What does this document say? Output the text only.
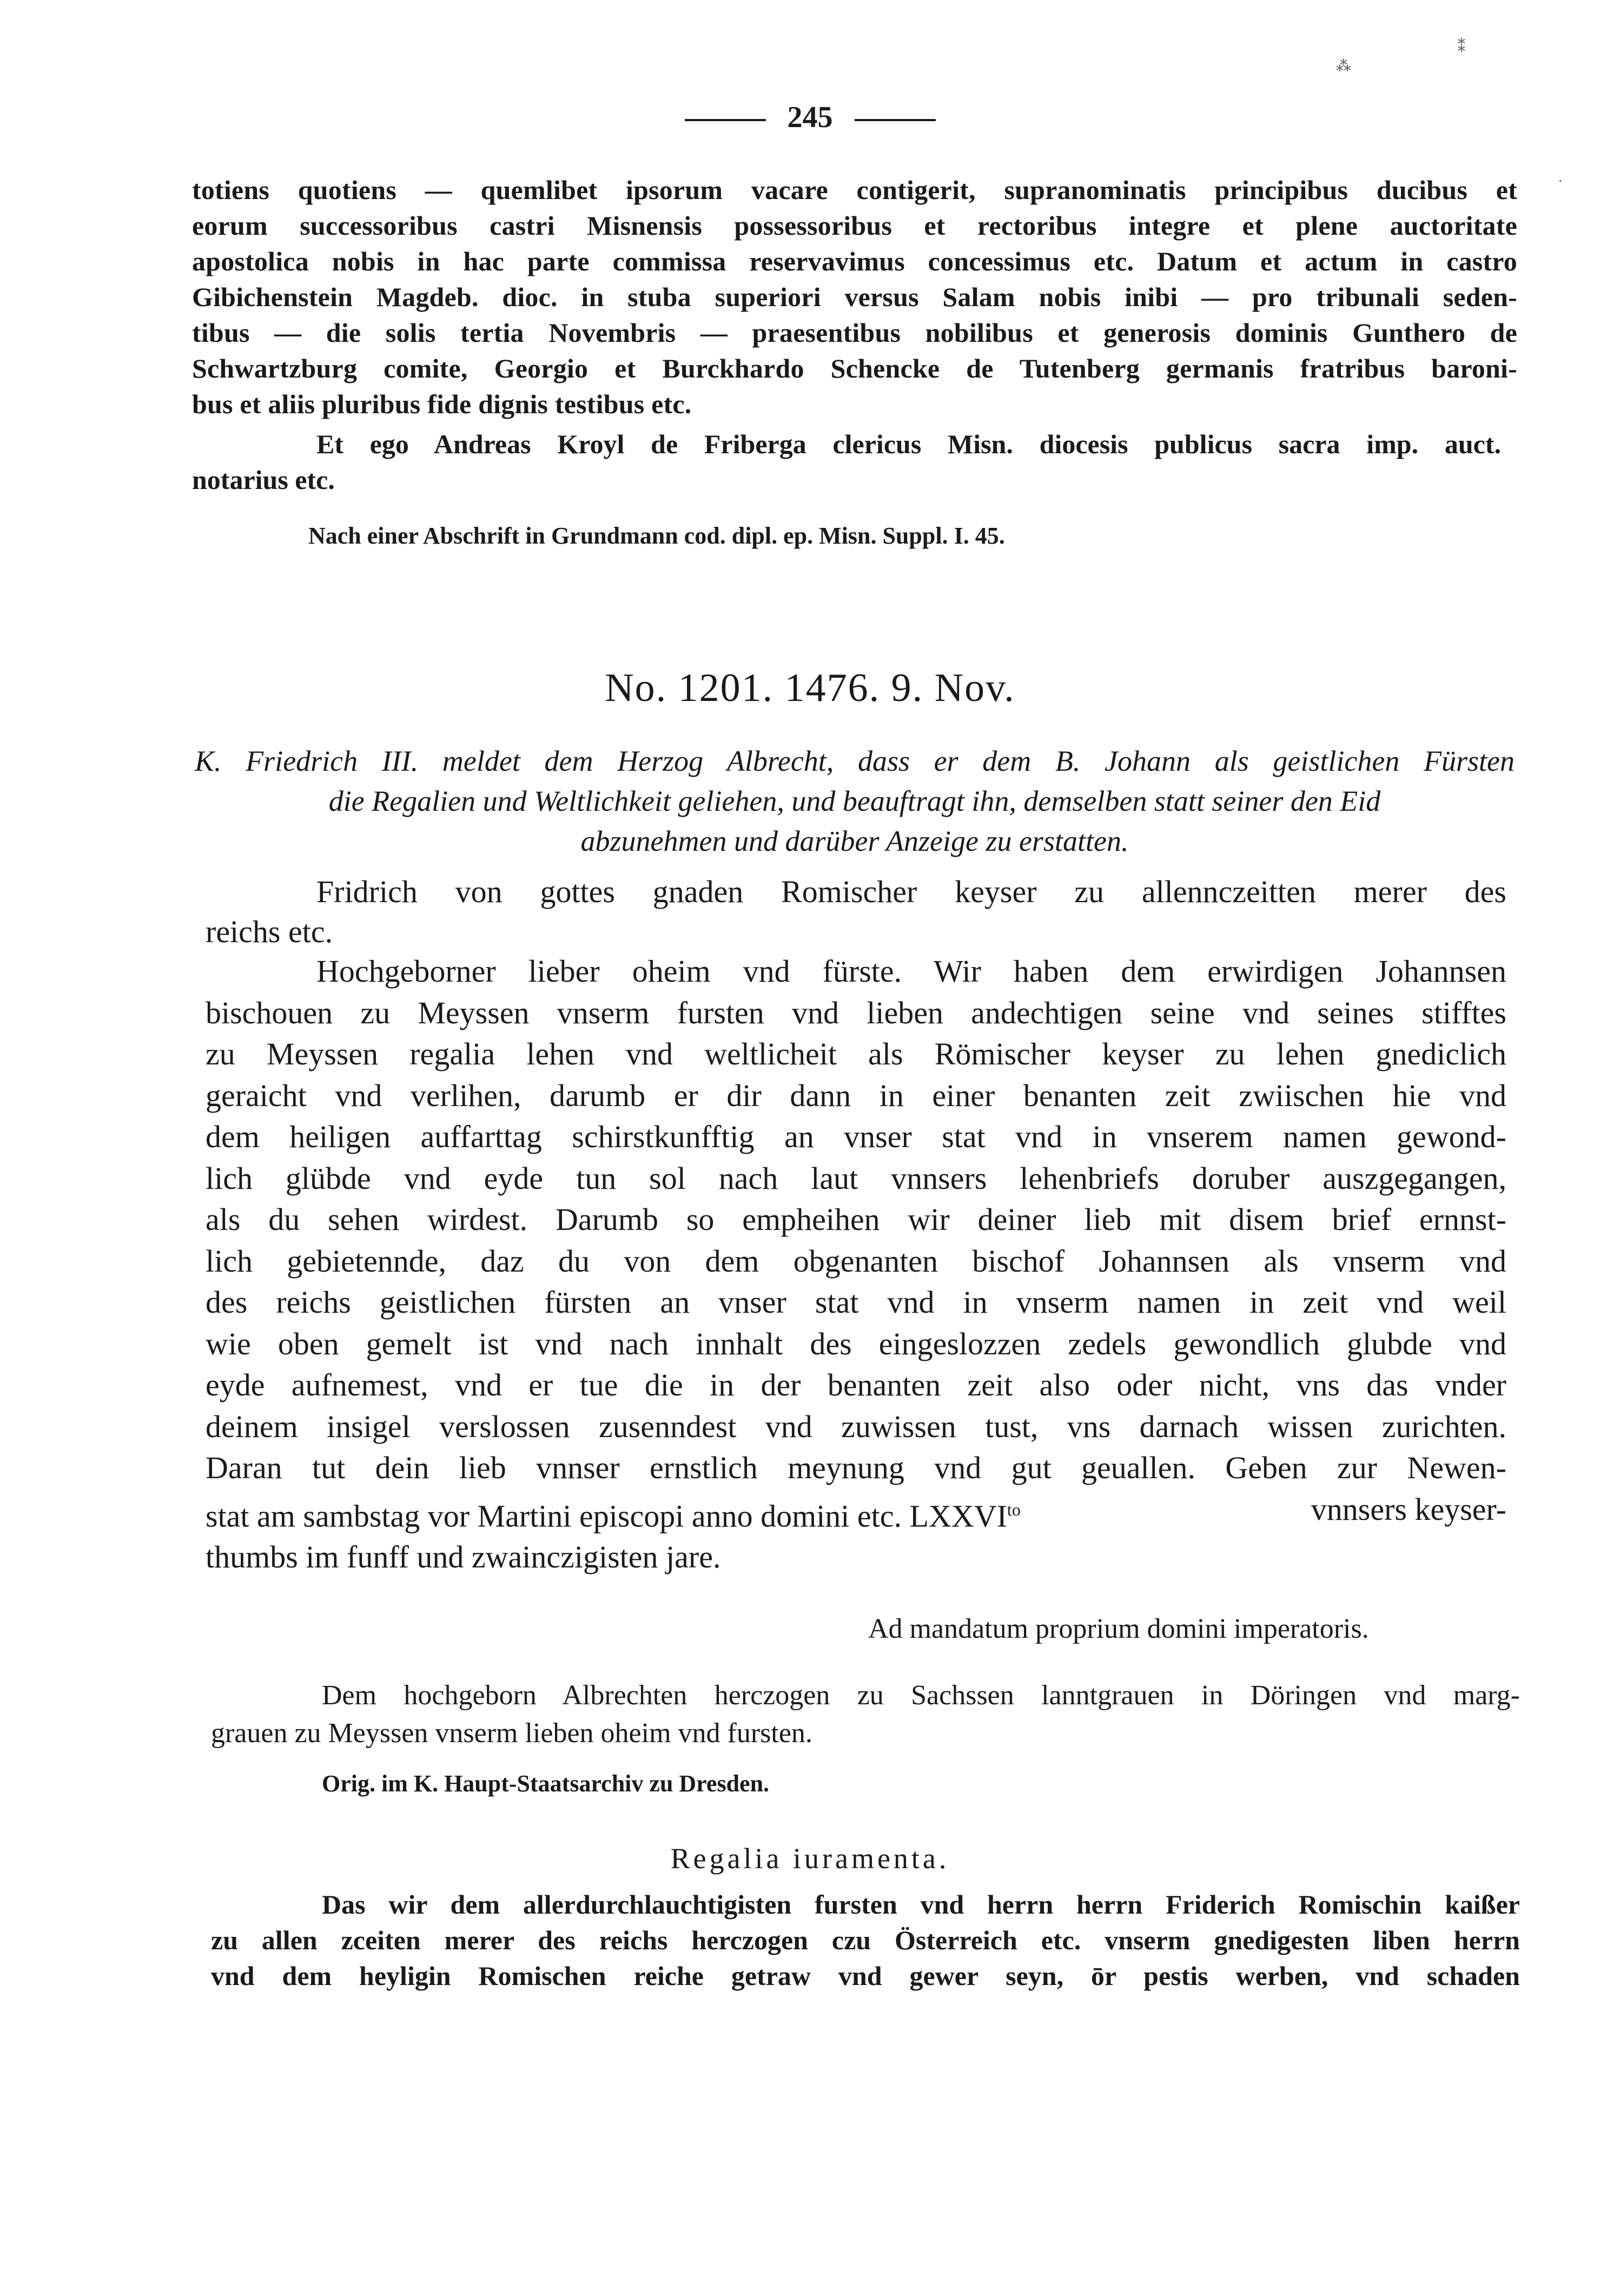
⁂
⁑
·
245
totiens quotiens — quemlibet ipsorum vacare contigerit, supranominatis principibus ducibus et
eorum successoribus castri Misnensis possessoribus et rectoribus integre et plene auctoritate
apostolica nobis in hac parte commissa reservavimus concessimus etc. Datum et actum in castro
Gibichenstein Magdeb. dioc. in stuba superiori versus Salam nobis inibi — pro tribunali seden-
tibus — die solis tertia Novembris — praesentibus nobilibus et generosis dominis Gunthero de
Schwartzburg comite, Georgio et Burckhardo Schencke de Tutenberg germanis fratribus baroni-
bus et aliis pluribus fide dignis testibus etc.
Et ego Andreas Kroyl de Friberga clericus Misn. diocesis publicus sacra imp. auct.
notarius etc.
Nach einer Abschrift in Grundmann cod. dipl. ep. Misn. Suppl. I. 45.
No. 1201. 1476. 9. Nov.
K. Friedrich III. meldet dem Herzog Albrecht, dass er dem B. Johann als geistlichen Fürsten
die Regalien und Weltlichkeit geliehen, und beauftragt ihn, demselben statt seiner den Eid
abzunehmen und darüber Anzeige zu erstatten.
Fridrich von gottes gnaden Romischer keyser zu allennczeitten merer des
reichs etc.
Hochgeborner lieber oheim vnd fürste. Wir haben dem erwirdigen Johannsen
bischouen zu Meyssen vnserm fursten vnd lieben andechtigen seine vnd seines stifftes
zu Meyssen regalia lehen vnd weltlicheit als Römischer keyser zu lehen gnediclich
geraicht vnd verlihen, darumb er dir dann in einer benanten zeit zwiischen hie vnd
dem heiligen auffarttag schirstkunfftig an vnser stat vnd in vnserem namen gewond-
lich glübde vnd eyde tun sol nach laut vnnsers lehenbriefs doruber auszgegangen,
als du sehen wirdest. Darumb so empheihen wir deiner lieb mit disem brief ernnst-
lich gebietennde, daz du von dem obgenanten bischof Johannsen als vnserm vnd
des reichs geistlichen fürsten an vnser stat vnd in vnserm namen in zeit vnd weil
wie oben gemelt ist vnd nach innhalt des eingeslozzen zedels gewondlich glubde vnd
eyde aufnemest, vnd er tue die in der benanten zeit also oder nicht, vns das vnder
deinem insigel verslossen zusenndest vnd zuwissen tust, vns darnach wissen zurichten.
Daran tut dein lieb vnnser ernstlich meynung vnd gut geuallen. Geben zur Newen-
stat am sambstag vor Martini episcopi anno domini etc. $LXXVI^{to}$	vnnsers keyser-
thumbs im funff und zwainczigisten jare.
Ad mandatum proprium domini imperatoris.
Dem hochgeborn Albrechten herczogen zu Sachssen lanntgrauen in Döringen vnd marg-
grauen zu Meyssen vnserm lieben oheim vnd fursten.
Orig. im K. Haupt-Staatsarchiv zu Dresden.
Regalia iuramenta.
Das wir dem allerdurchlauchtigisten fursten vnd herrn herrn Friderich Romischin kaißer
zu allen zceiten merer des reichs herczogen czu Österreich etc. vnserm gnedigesten liben herrn
vnd dem heyligin Romischen reiche getraw vnd gewer seyn, ōr pestis werben, vnd schaden
